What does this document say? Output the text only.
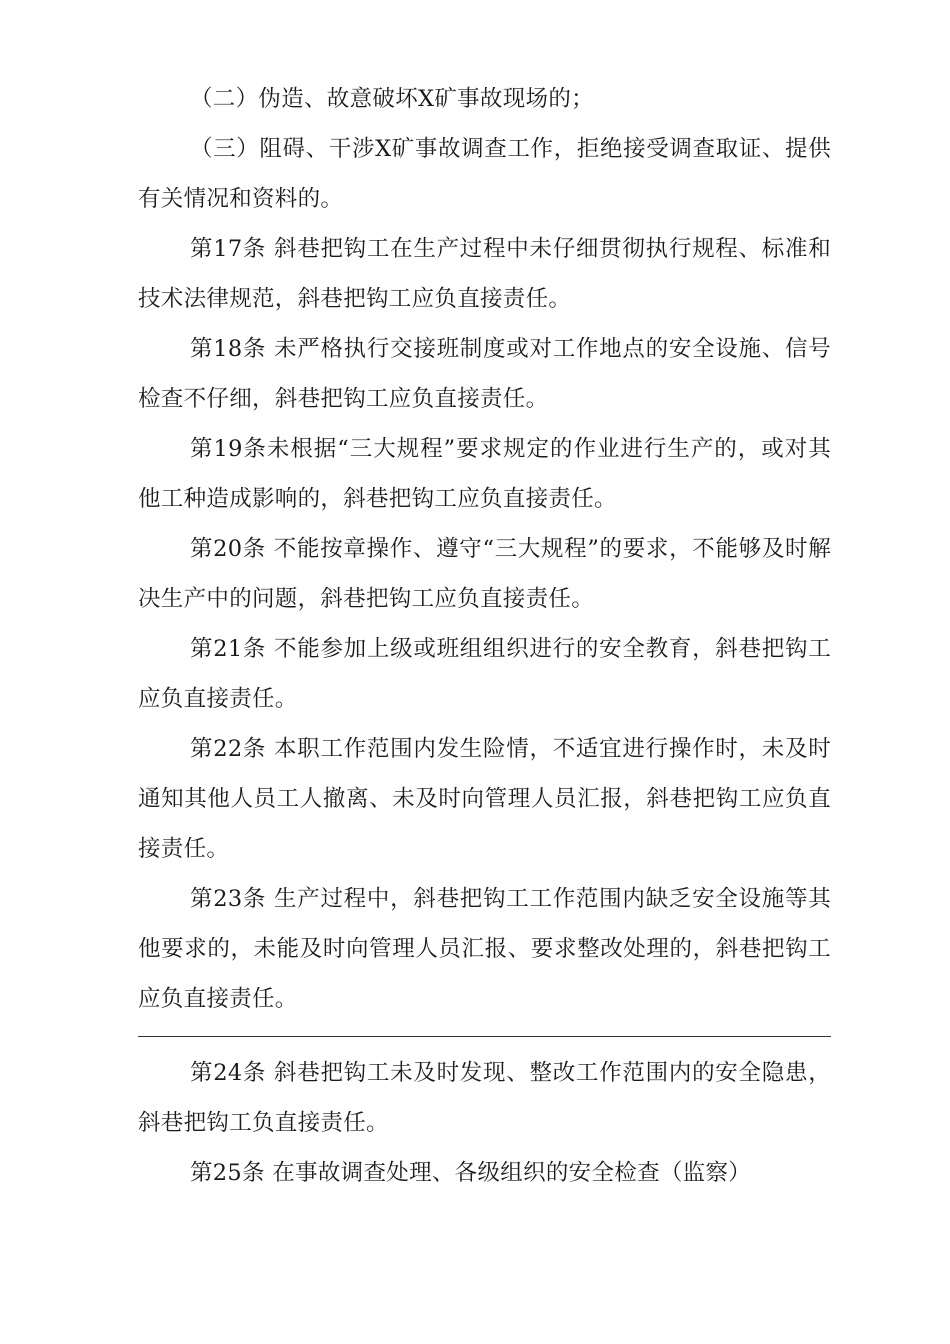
（二）伪造、故意破坏X矿事故现场的；

（三）阻碍、干涉X矿事故调查工作，拒绝接受调查取证、提供有关情况和资料的。

第17条 斜巷把钩工在生产过程中未仔细贯彻执行规程、标准和技术法律规范，斜巷把钩工应负直接责任。

第18条 未严格执行交接班制度或对工作地点的安全设施、信号检查不仔细，斜巷把钩工应负直接责任。

第19条未根据“三大规程”要求规定的作业进行生产的，或对其他工种造成影响的，斜巷把钩工应负直接责任。

第20条 不能按章操作、遵守“三大规程”的要求，不能够及时解决生产中的问题，斜巷把钩工应负直接责任。

第21条 不能参加上级或班组组织进行的安全教育，斜巷把钩工应负直接责任。

第22条 本职工作范围内发生险情，不适宜进行操作时，未及时通知其他人员工人撤离、未及时向管理人员汇报，斜巷把钩工应负直接责任。

第23条 生产过程中，斜巷把钩工工作范围内缺乏安全设施等其他要求的，未能及时向管理人员汇报、要求整改处理的，斜巷把钩工应负直接责任。

第24条 斜巷把钩工未及时发现、整改工作范围内的安全隐患，斜巷把钩工负直接责任。

第25条 在事故调查处理、各级组织的安全检查（监察）
